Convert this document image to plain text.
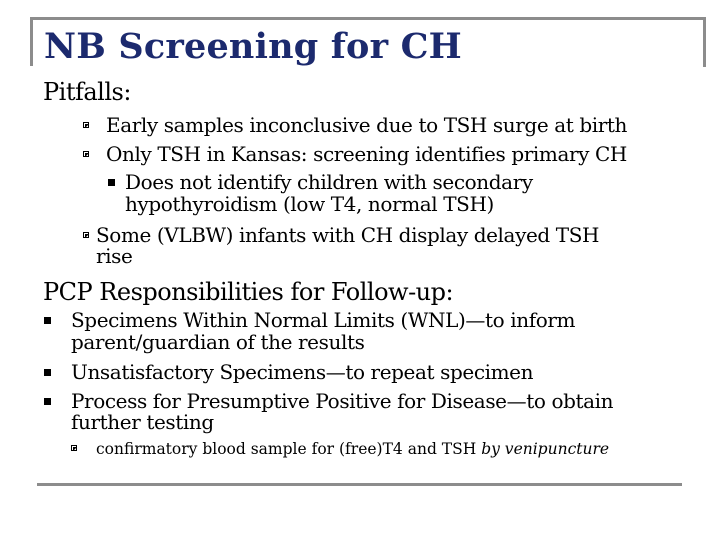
NB Screening for CH
Pitfalls:
Early samples inconclusive due to TSH surge at birth
Only TSH in Kansas: screening identifies primary CH
Does not identify children with secondary
hypothyroidism (low T4, normal TSH)
Some (VLBW) infants with CH display delayed TSH
rise
PCP Responsibilities for Follow-up:
Specimens Within Normal Limits (WNL)—to inform
parent/guardian of the results
Unsatisfactory Specimens—to repeat specimen
Process for Presumptive Positive for Disease—to obtain
further testing
confirmatory blood sample for (free)T4 and TSH by venipuncture
